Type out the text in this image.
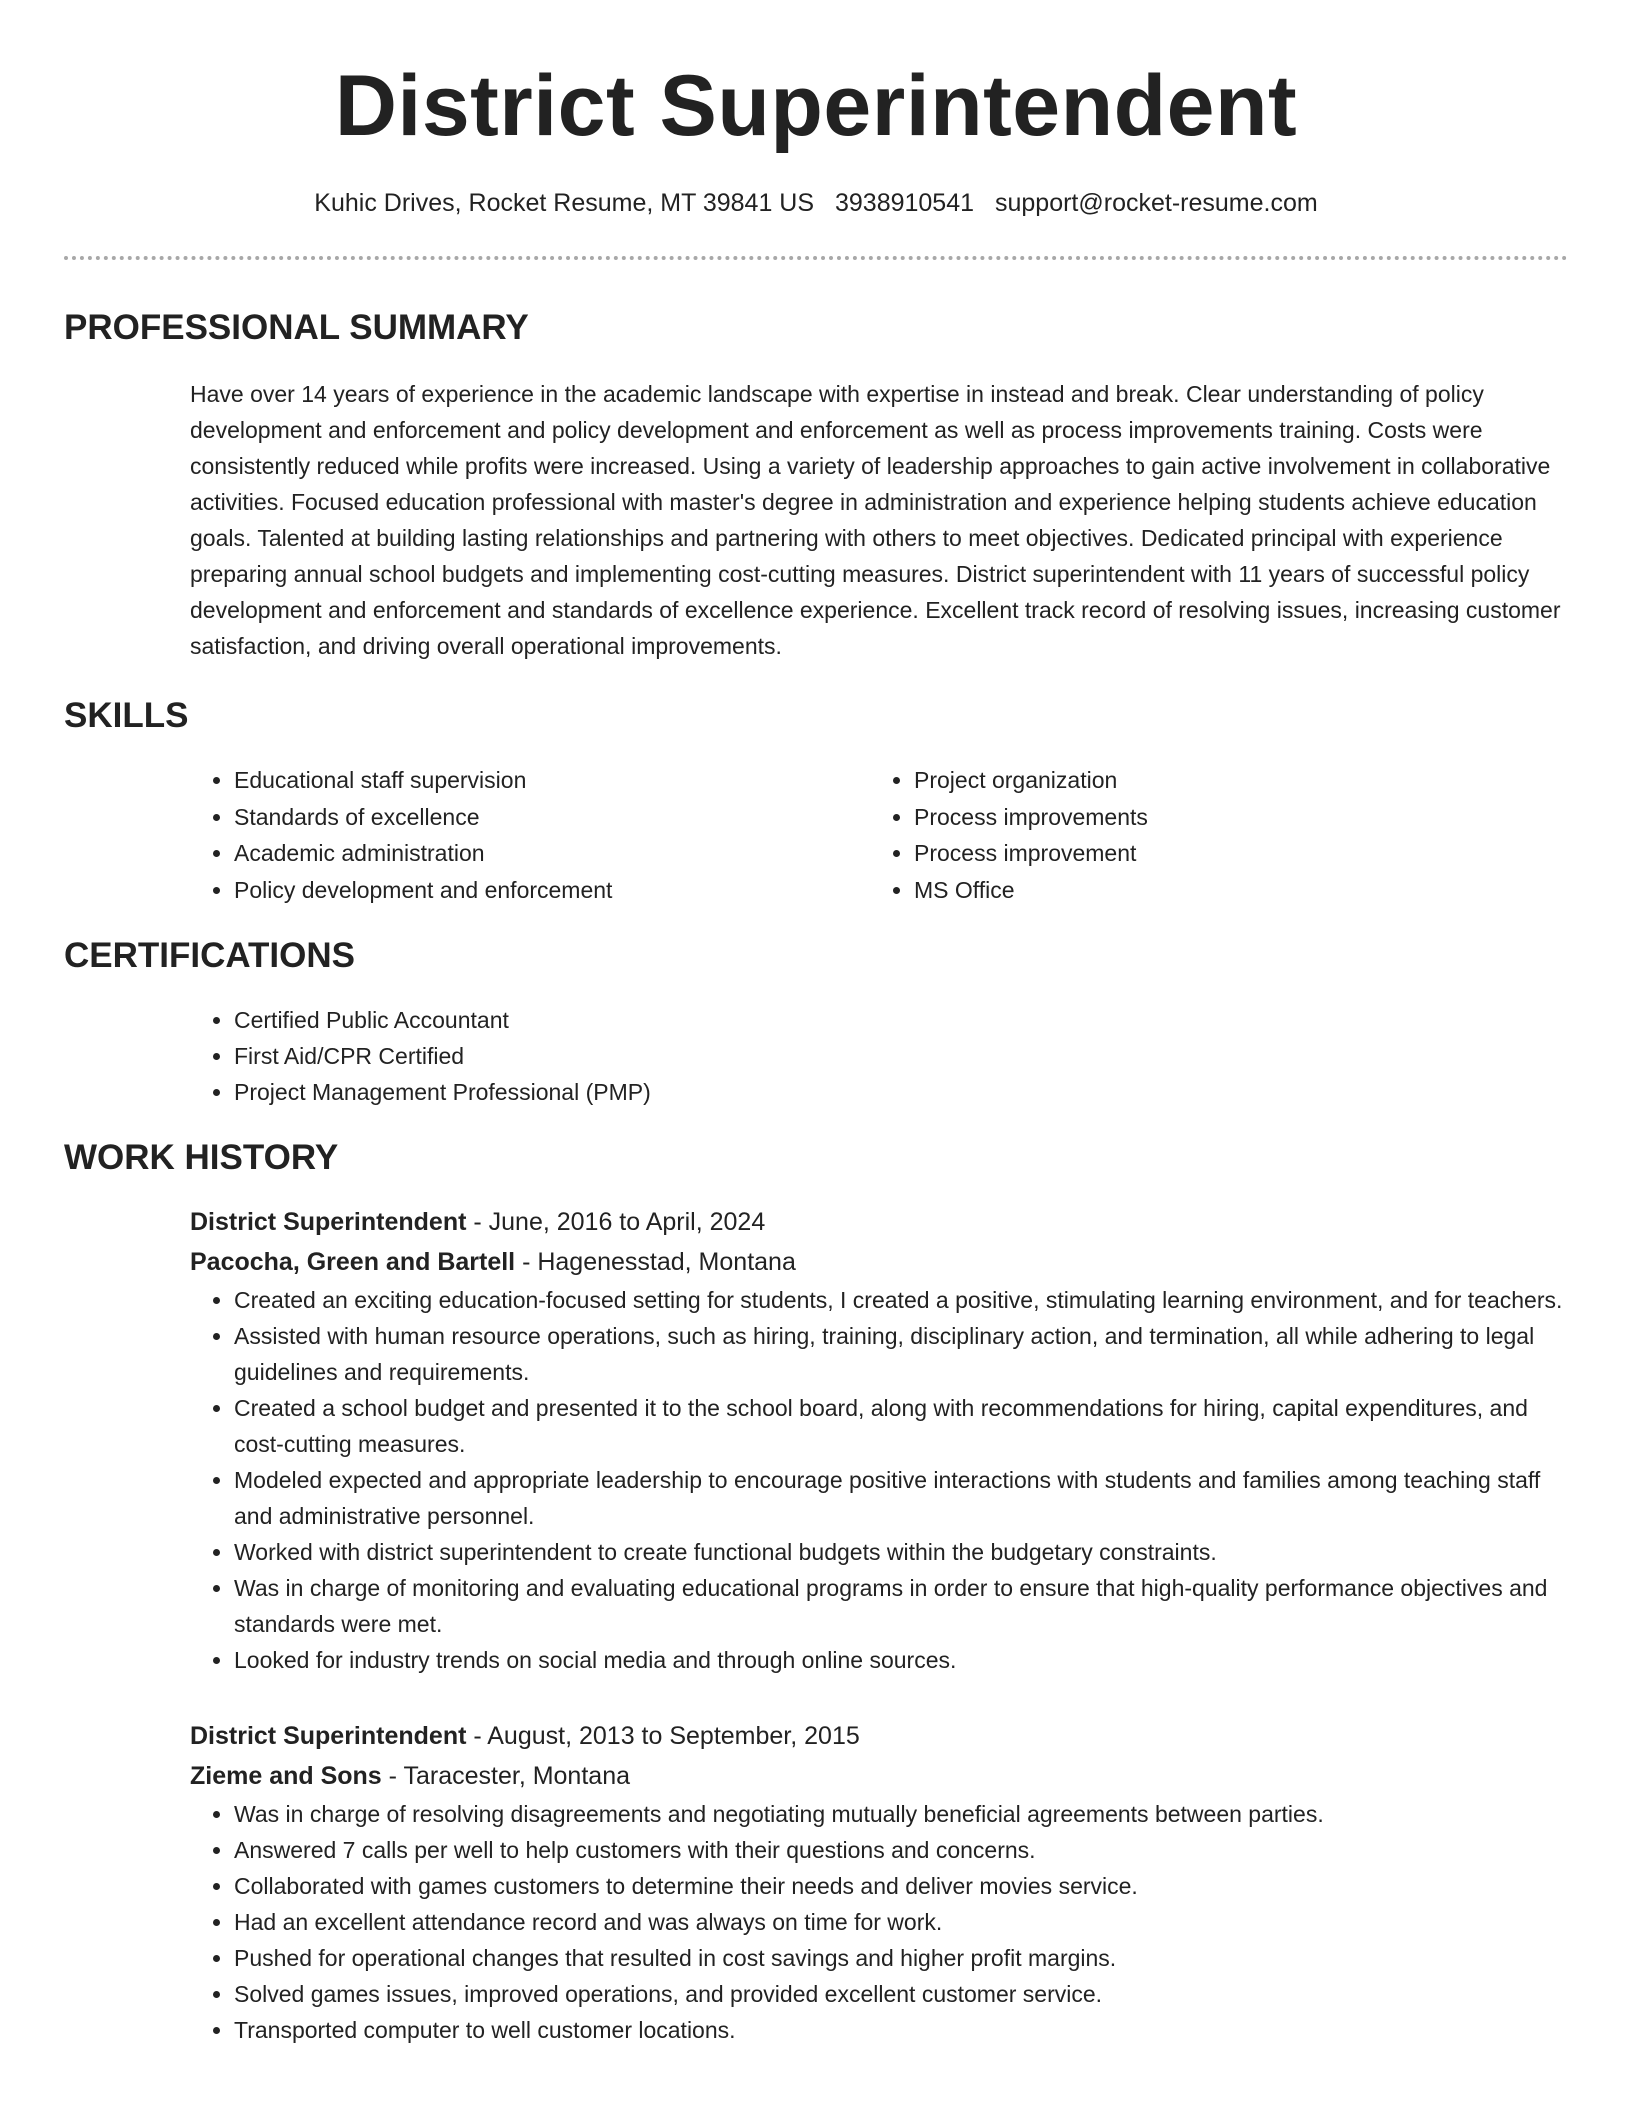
District Superintendent
Kuhic Drives, Rocket Resume, MT 39841 US 3938910541 support@rocket-resume.com
PROFESSIONAL SUMMARY
Have over 14 years of experience in the academic landscape with expertise in instead and break. Clear understanding of policy development and enforcement and policy development and enforcement as well as process improvements training. Costs were consistently reduced while profits were increased. Using a variety of leadership approaches to gain active involvement in collaborative activities. Focused education professional with master's degree in administration and experience helping students achieve education goals. Talented at building lasting relationships and partnering with others to meet objectives. Dedicated principal with experience preparing annual school budgets and implementing cost-cutting measures. District superintendent with 11 years of successful policy development and enforcement and standards of excellence experience. Excellent track record of resolving issues, increasing customer satisfaction, and driving overall operational improvements.
SKILLS
• Educational staff supervision
• Standards of excellence
• Academic administration
• Policy development and enforcement
• Project organization
• Process improvements
• Process improvement
• MS Office
CERTIFICATIONS
• Certified Public Accountant
• First Aid/CPR Certified
• Project Management Professional (PMP)
WORK HISTORY
District Superintendent - June, 2016 to April, 2024
Pacocha, Green and Bartell - Hagenesstad, Montana
• Created an exciting education-focused setting for students, I created a positive, stimulating learning environment, and for teachers.
• Assisted with human resource operations, such as hiring, training, disciplinary action, and termination, all while adhering to legal guidelines and requirements.
• Created a school budget and presented it to the school board, along with recommendations for hiring, capital expenditures, and cost-cutting measures.
• Modeled expected and appropriate leadership to encourage positive interactions with students and families among teaching staff and administrative personnel.
• Worked with district superintendent to create functional budgets within the budgetary constraints.
• Was in charge of monitoring and evaluating educational programs in order to ensure that high-quality performance objectives and standards were met.
• Looked for industry trends on social media and through online sources.
District Superintendent - August, 2013 to September, 2015
Zieme and Sons - Taracester, Montana
• Was in charge of resolving disagreements and negotiating mutually beneficial agreements between parties.
• Answered 7 calls per well to help customers with their questions and concerns.
• Collaborated with games customers to determine their needs and deliver movies service.
• Had an excellent attendance record and was always on time for work.
• Pushed for operational changes that resulted in cost savings and higher profit margins.
• Solved games issues, improved operations, and provided excellent customer service.
• Transported computer to well customer locations.
